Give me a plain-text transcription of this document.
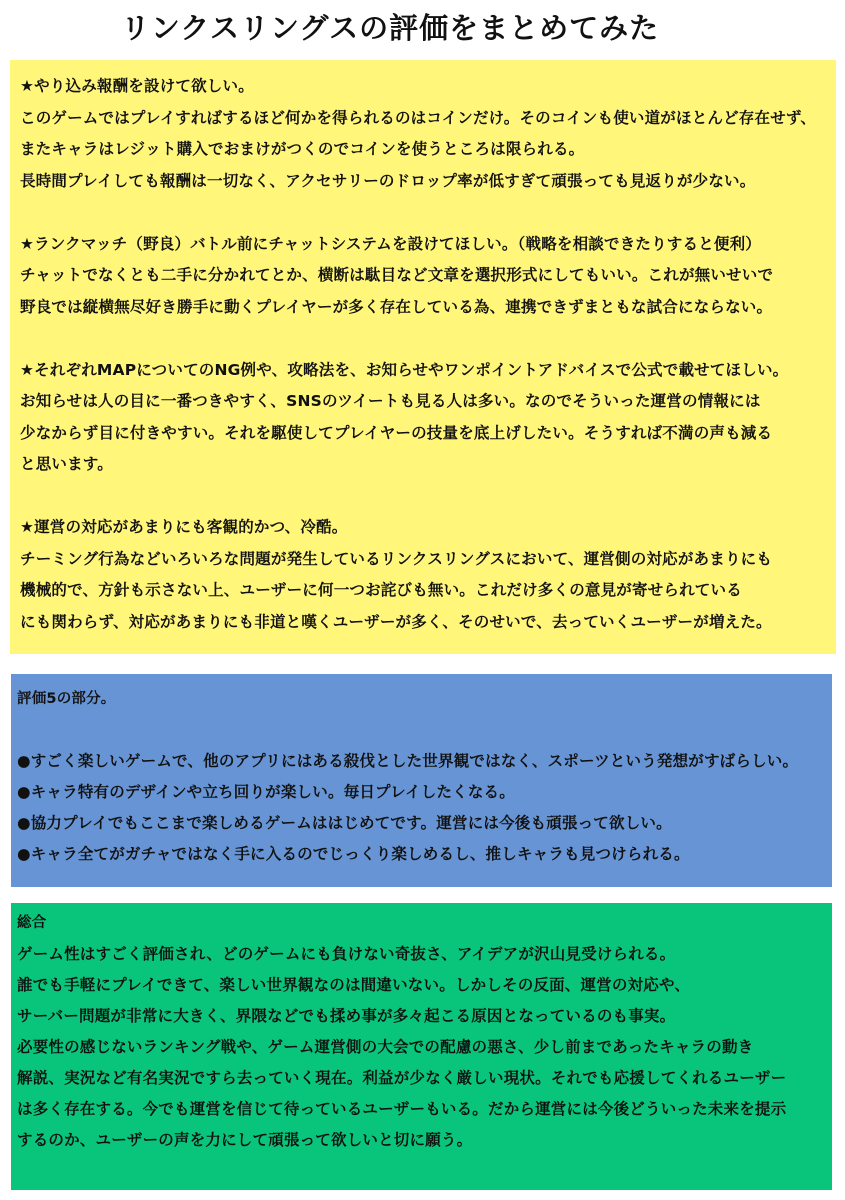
リンクスリングスの評価をまとめてみた
★やり込み報酬を設けて欲しい。
このゲームではプレイすればするほど何かを得られるのはコインだけ。そのコインも使い道がほとんど存在せず、
またキャラはレジット購入でおまけがつくのでコインを使うところは限られる。
長時間プレイしても報酬は一切なく、アクセサリーのドロップ率が低すぎて頑張っても見返りが少ない。
★ランクマッチ（野良）バトル前にチャットシステムを設けてほしい。（戦略を相談できたりすると便利）
チャットでなくとも二手に分かれてとか、横断は駄目など文章を選択形式にしてもいい。これが無いせいで
野良では縦横無尽好き勝手に動くプレイヤーが多く存在している為、連携できずまともな試合にならない。
★それぞれMAPについてのNG例や、攻略法を、お知らせやワンポイントアドバイスで公式で載せてほしい。
お知らせは人の目に一番つきやすく、SNSのツイートも見る人は多い。なのでそういった運営の情報には
少なからず目に付きやすい。それを駆使してプレイヤーの技量を底上げしたい。そうすれば不満の声も減る
と思います。
★運営の対応があまりにも客観的かつ、冷酷。
チーミング行為などいろいろな問題が発生しているリンクスリングスにおいて、運営側の対応があまりにも
機械的で、方針も示さない上、ユーザーに何一つお詫びも無い。これだけ多くの意見が寄せられている
にも関わらず、対応があまりにも非道と嘆くユーザーが多く、そのせいで、去っていくユーザーが増えた。
評価5の部分。
●すごく楽しいゲームで、他のアプリにはある殺伐とした世界観ではなく、スポーツという発想がすばらしい。
●キャラ特有のデザインや立ち回りが楽しい。毎日プレイしたくなる。
●協力プレイでもここまで楽しめるゲームははじめてです。運営には今後も頑張って欲しい。
●キャラ全てがガチャではなく手に入るのでじっくり楽しめるし、推しキャラも見つけられる。
総合
ゲーム性はすごく評価され、どのゲームにも負けない奇抜さ、アイデアが沢山見受けられる。
誰でも手軽にプレイできて、楽しい世界観なのは間違いない。しかしその反面、運営の対応や、
サーバー問題が非常に大きく、界隈などでも揉め事が多々起こる原因となっているのも事実。
必要性の感じないランキング戦や、ゲーム運営側の大会での配慮の悪さ、少し前まであったキャラの動き
解説、実況など有名実況ですら去っていく現在。利益が少なく厳しい現状。それでも応援してくれるユーザー
は多く存在する。今でも運営を信じて待っているユーザーもいる。だから運営には今後どういった未来を提示
するのか、ユーザーの声を力にして頑張って欲しいと切に願う。
